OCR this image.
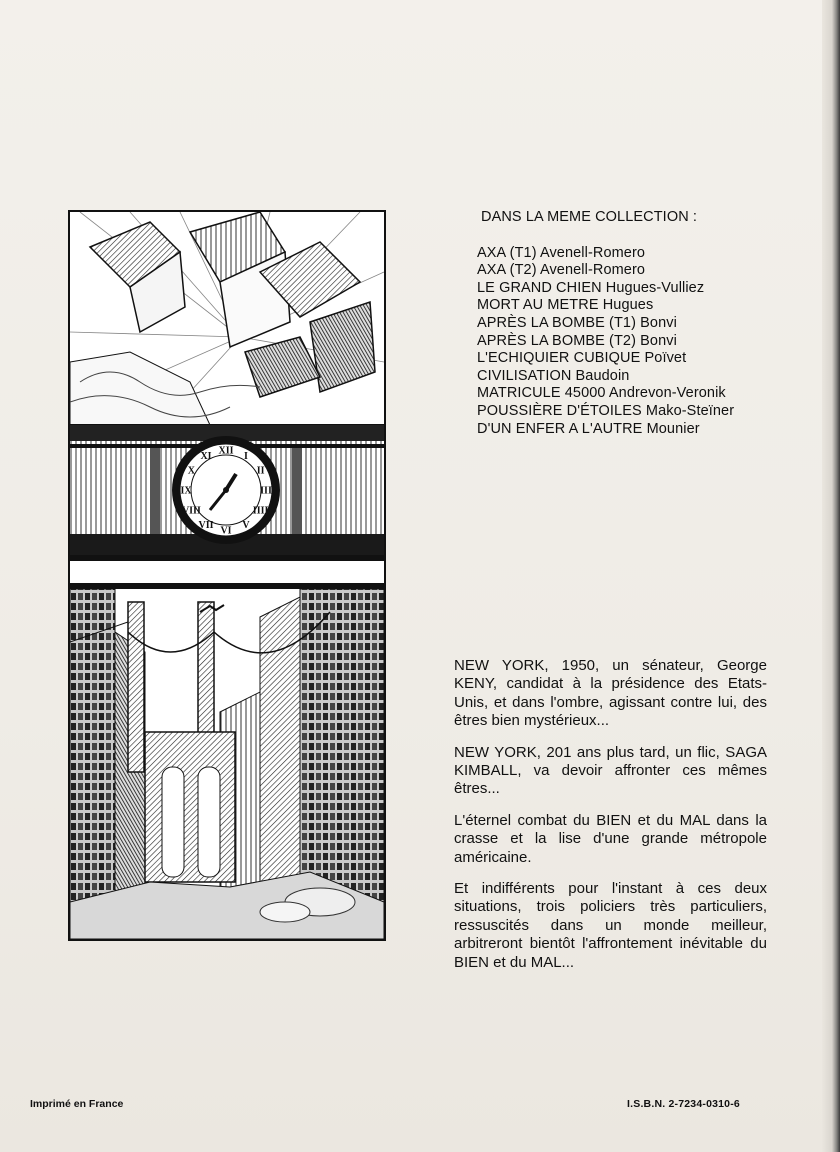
XII I
II
III
IIII
V
VI
VII
VIII
IX
X
XI

DANS LA MEME COLLECTION :

AXA (T1) Avenell-Romero
AXA (T2) Avenell-Romero
LE GRAND CHIEN Hugues-Vulliez
MORT AU METRE Hugues
APRÈS LA BOMBE (T1) Bonvi
APRÈS LA BOMBE (T2) Bonvi
L'ECHIQUIER CUBIQUE Poïvet
CIVILISATION Baudoin
MATRICULE 45000 Andrevon-Veronik
POUSSIÈRE D'ÉTOILES Mako-Steïner
D'UN ENFER A L'AUTRE Mounier

NEW YORK, 1950, un sénateur, George KENY, candidat à la présidence des Etats-Unis, et dans l'ombre, agissant contre lui, des êtres bien mystérieux...

NEW YORK, 201 ans plus tard, un flic, SAGA KIMBALL, va devoir affronter ces mêmes êtres...

L'éternel combat du BIEN et du MAL dans la crasse et la lise d'une grande métropole américaine.

Et indifférents pour l'instant à ces deux situations, trois policiers très particuliers, ressuscités dans un monde meilleur, arbitreront bientôt l'affrontement inévitable du BIEN et du MAL...

Imprimé en France	I.S.B.N. 2-7234-0310-6
